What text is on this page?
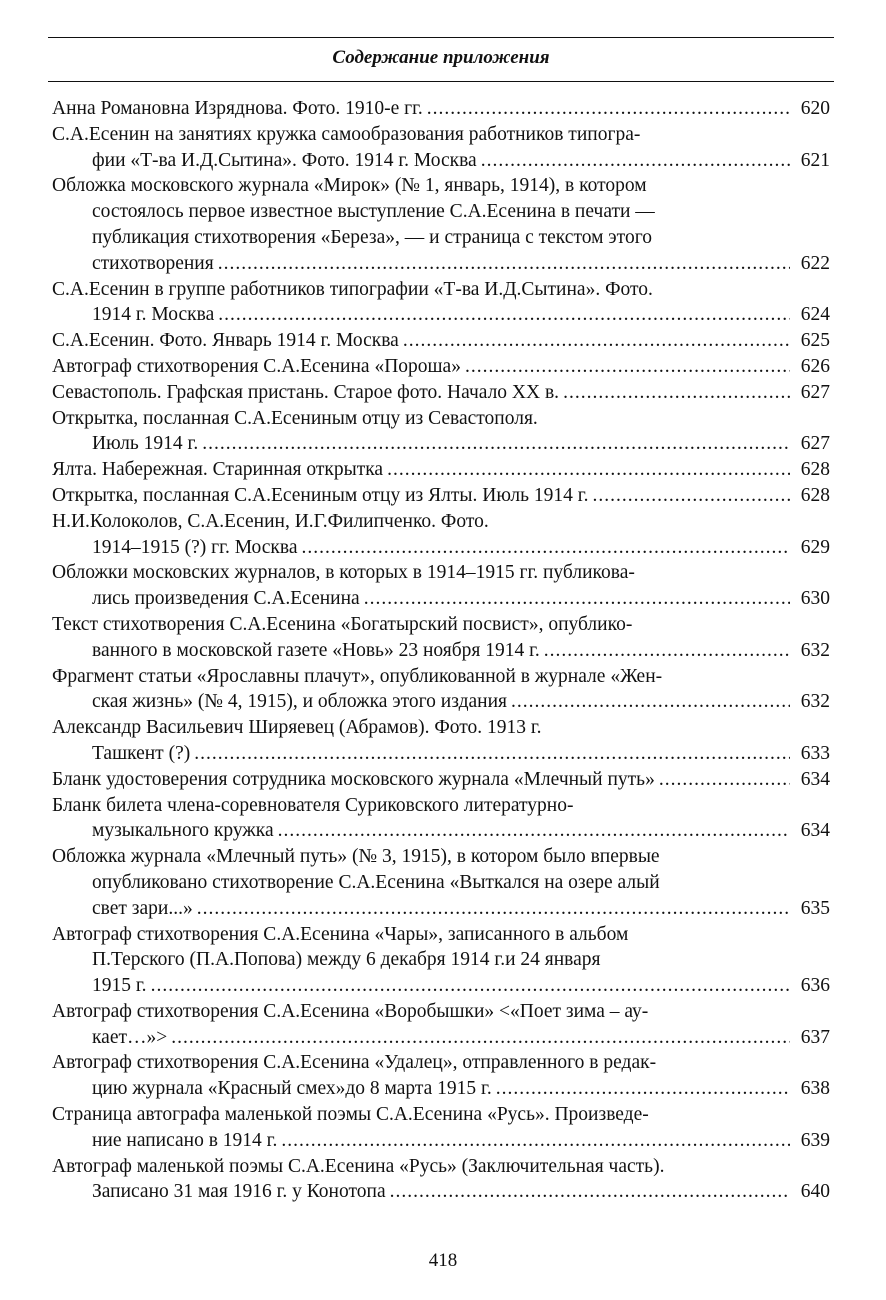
Содержание приложения
Анна Романовна Изряднова. Фото. 1910-е гг. .....	620
С.А.Есенин на занятиях кружка самообразования работников типогра-
фии «Т-ва И.Д.Сытина». Фото. 1914 г. Москва .....	621
Обложка московского журнала «Мирок» (№ 1, январь, 1914), в котором
состоялось первое известное выступление С.А.Есенина в печати —
публикация стихотворения «Береза», — и страница с текстом этого
стихотворения .....	622
С.А.Есенин в группе работников типографии «Т-ва И.Д.Сытина». Фото.
1914 г. Москва .....	624
С.А.Есенин. Фото. Январь 1914 г. Москва .....	625
Автограф стихотворения С.А.Есенина «Пороша» .....	626
Севастополь. Графская пристань. Старое фото. Начало XX в. .....	627
Открытка, посланная С.А.Есениным отцу из Севастополя.
Июль 1914 г. .....	627
Ялта. Набережная. Старинная открытка .....	628
Открытка, посланная С.А.Есениным отцу из Ялты. Июль 1914 г. .....	628
Н.И.Колоколов, С.А.Есенин, И.Г.Филипченко. Фото.
1914–1915 (?) гг. Москва .....	629
Обложки московских журналов, в которых в 1914–1915 гг. публикова-
лись произведения С.А.Есенина .....	630
Текст стихотворения С.А.Есенина «Богатырский посвист», опублико-
ванного в московской газете «Новь» 23 ноября 1914 г. .....	632
Фрагмент статьи «Ярославны плачут», опубликованной в журнале «Жен-
ская жизнь» (№ 4, 1915), и обложка этого издания .....	632
Александр Васильевич Ширяевец (Абрамов). Фото. 1913 г.
Ташкент (?) .....	633
Бланк удостоверения сотрудника московского журнала «Млечный путь» .....	634
Бланк билета члена-соревнователя Суриковского литературно-
музыкального кружка .....	634
Обложка журнала «Млечный путь» (№ 3, 1915), в котором было впервые
опубликовано стихотворение С.А.Есенина «Выткался на озере алый
свет зари...» .....	635
Автограф стихотворения С.А.Есенина «Чары», записанного в альбом
П.Терского (П.А.Попова) между 6 декабря 1914 г.и 24 января
1915 г. .....	636
Автограф стихотворения С.А.Есенина «Воробышки» <«Поет зима – ау-
кает…»> .....	637
Автограф стихотворения С.А.Есенина «Удалец», отправленного в редак-
цию журнала «Красный смех»до 8 марта 1915 г. .....	638
Страница автографа маленькой поэмы С.А.Есенина «Русь». Произведе-
ние написано в 1914 г. .....	639
Автограф маленькой поэмы С.А.Есенина «Русь» (Заключительная часть).
Записано 31 мая 1916 г. у Конотопа .....	640
418
